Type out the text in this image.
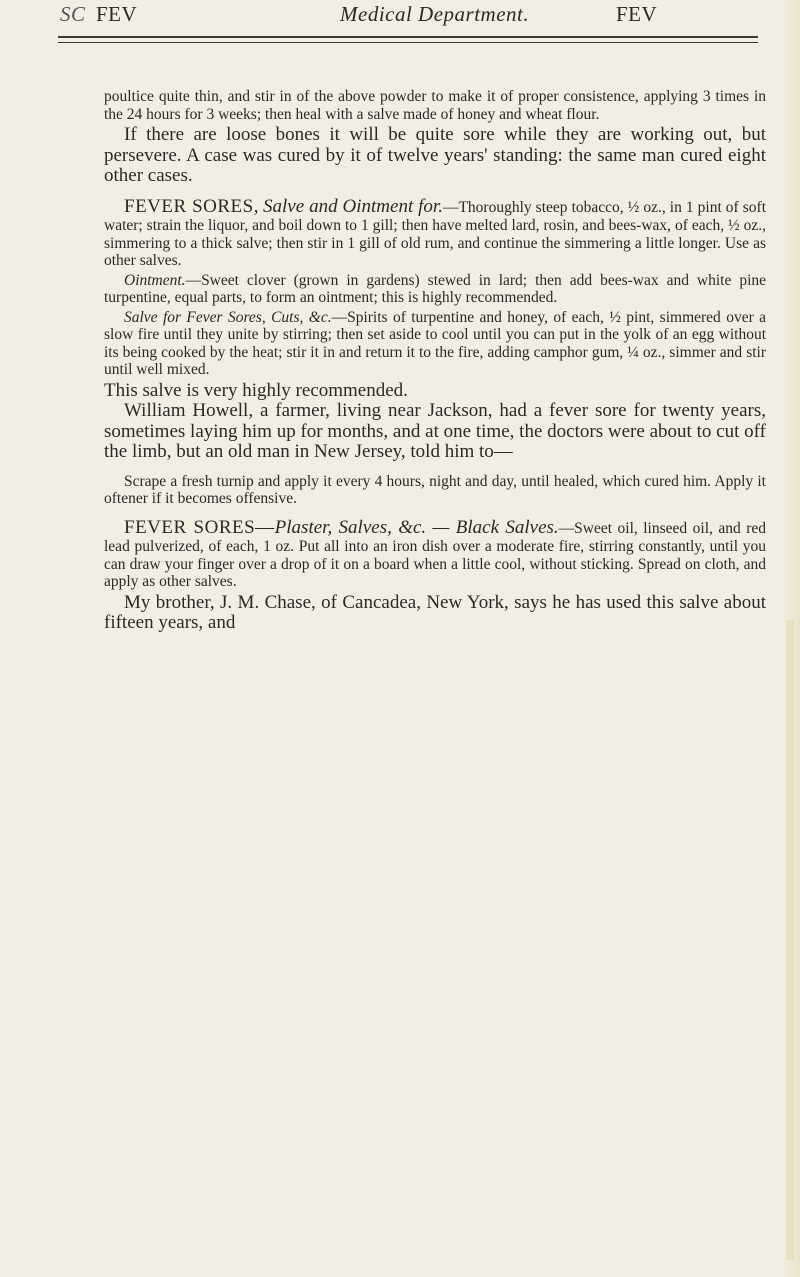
SC FEV	Medical Department.	FEV

poultice quite thin, and stir in of the above powder to make it of proper consistence, applying 3 times in the 24 hours for 3 weeks; then heal with a salve made of honey and wheat flour.

If there are loose bones it will be quite sore while they are working out, but persevere. A case was cured by it of twelve years' standing: the same man cured eight other cases.

FEVER SORES, Salve and Ointment for.—Thoroughly steep tobacco, ½ oz., in 1 pint of soft water; strain the liquor, and boil down to 1 gill; then have melted lard, rosin, and bees-wax, of each, ½ oz., simmering to a thick salve; then stir in 1 gill of old rum, and continue the simmering a little longer. Use as other salves.

Ointment.—Sweet clover (grown in gardens) stewed in lard; then add bees-wax and white pine turpentine, equal parts, to form an ointment; this is highly recommended.

Salve for Fever Sores, Cuts, &c.—Spirits of turpentine and honey, of each, ½ pint, simmered over a slow fire until they unite by stirring; then set aside to cool until you can put in the yolk of an egg without its being cooked by the heat; stir it in and return it to the fire, adding camphor gum, ¼ oz., simmer and stir until well mixed.

This salve is very highly recommended.

William Howell, a farmer, living near Jackson, had a fever sore for twenty years, sometimes laying him up for months, and at one time, the doctors were about to cut off the limb, but an old man in New Jersey, told him to—

Scrape a fresh turnip and apply it every 4 hours, night and day, until healed, which cured him. Apply it oftener if it becomes offensive.

FEVER SORES—Plaster, Salves, &c. — Black Salves.—Sweet oil, linseed oil, and red lead pulverized, of each, 1 oz. Put all into an iron dish over a moderate fire, stirring constantly, until you can draw your finger over a drop of it on a board when a little cool, without sticking. Spread on cloth, and apply as other salves.

My brother, J. M. Chase, of Cancadea, New York, says he has used this salve about fifteen years, and
